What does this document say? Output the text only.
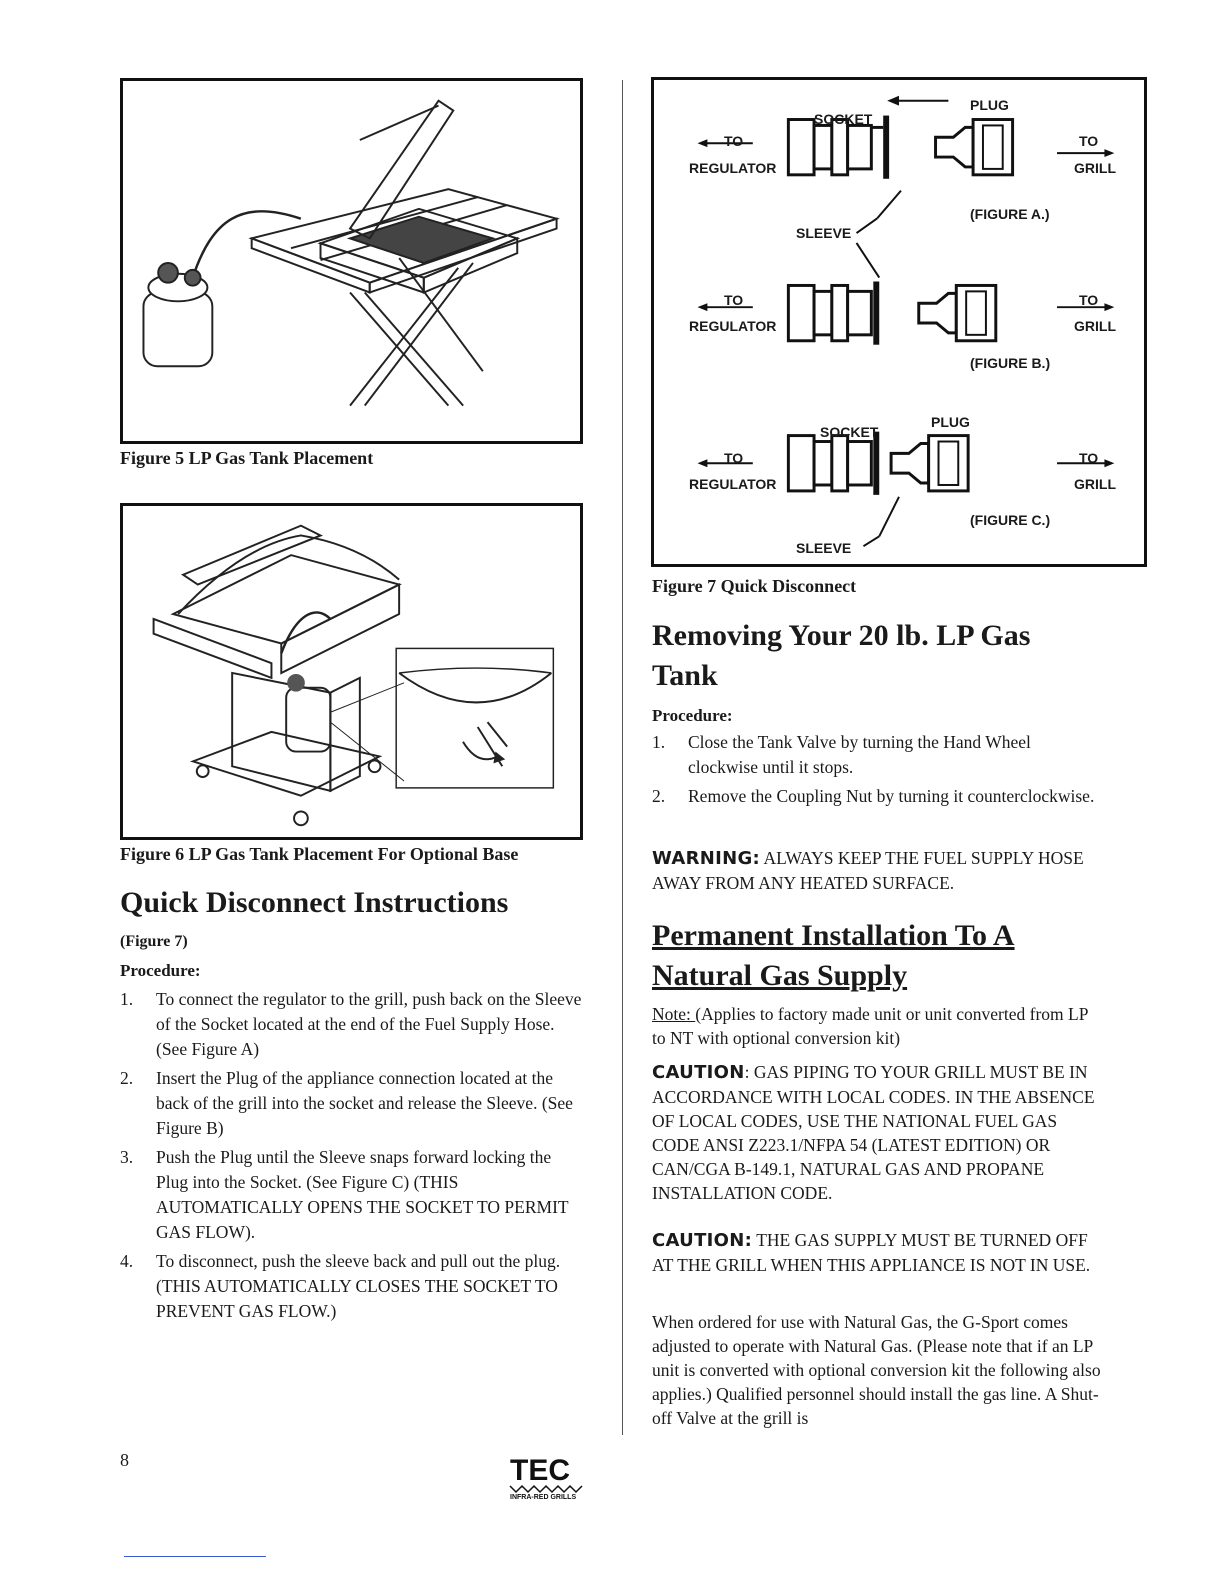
Figure 5 LP Gas Tank Placement
Figure 6 LP Gas Tank Placement For Optional Base
Quick Disconnect Instructions
(Figure 7)
Procedure:
1. To connect the regulator to the grill, push back on the Sleeve of the Socket located at the end of the Fuel Supply Hose. (See Figure A)
2. Insert the Plug of the appliance connection located at the back of the grill into the socket and release the Sleeve. (See Figure B)
3. Push the Plug until the Sleeve snaps forward locking the Plug into the Socket. (See Figure C) (THIS AUTOMATICALLY OPENS THE SOCKET TO PERMIT GAS FLOW).
4. To disconnect, push the sleeve back and pull out the plug. (THIS AUTOMATICALLY CLOSES THE SOCKET TO PREVENT GAS FLOW.)
PLUG
SOCKET
TO
REGULATOR
TO
GRILL
(FIGURE A.)
SLEEVE
TO
REGULATOR
TO
GRILL
(FIGURE B.)
PLUG
SOCKET
TO
REGULATOR
TO
GRILL
(FIGURE C.)
SLEEVE
Figure 7 Quick Disconnect
Removing Your 20 lb. LP Gas
Tank
Procedure:
1. Close the Tank Valve by turning the Hand Wheel clockwise until it stops.
2. Remove the Coupling Nut by turning it counterclockwise.

WARNING: ALWAYS KEEP THE FUEL SUPPLY HOSE AWAY FROM ANY HEATED SURFACE.

Permanent Installation To A
Natural Gas Supply

Note: (Applies to factory made unit or unit converted from LP to NT with optional conversion kit)

CAUTION: GAS PIPING TO YOUR GRILL MUST BE IN ACCORDANCE WITH LOCAL CODES. IN THE ABSENCE OF LOCAL CODES, USE THE NATIONAL FUEL GAS CODE ANSI Z223.1/NFPA 54 (LATEST EDITION) OR CAN/CGA B-149.1, NATURAL GAS AND PROPANE INSTALLATION CODE.

CAUTION: THE GAS SUPPLY MUST BE TURNED OFF AT THE GRILL WHEN THIS APPLIANCE IS NOT IN USE.

When ordered for use with Natural Gas, the G-Sport comes adjusted to operate with Natural Gas. (Please note that if an LP unit is converted with optional conversion kit the following also applies.) Qualified personnel should install the gas line. A Shut-off Valve at the grill is

8	TEC
INFRA-RED GRILLS
